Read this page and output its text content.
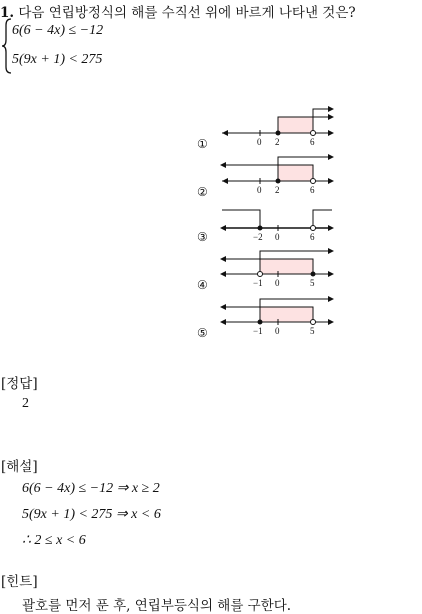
1. 다음 연립방정식의 해를 수직선 위에 바르게 나타낸 것은?
6(6 − 4x) ≤ −12
5(9x + 1) < 275
①	0 2	6
②	0 2	6
③	−2 0	6
④	−1 0	5
⑤	−1 0	5
[정답]
2
[해설]
6(6 − 4x) ≤ −12 ⇒ x ≥ 2
5(9x + 1) < 275 ⇒ x < 6
∴ 2 ≤ x < 6
[힌트]
괄호를 먼저 푼 후, 연립부등식의 해를 구한다.
